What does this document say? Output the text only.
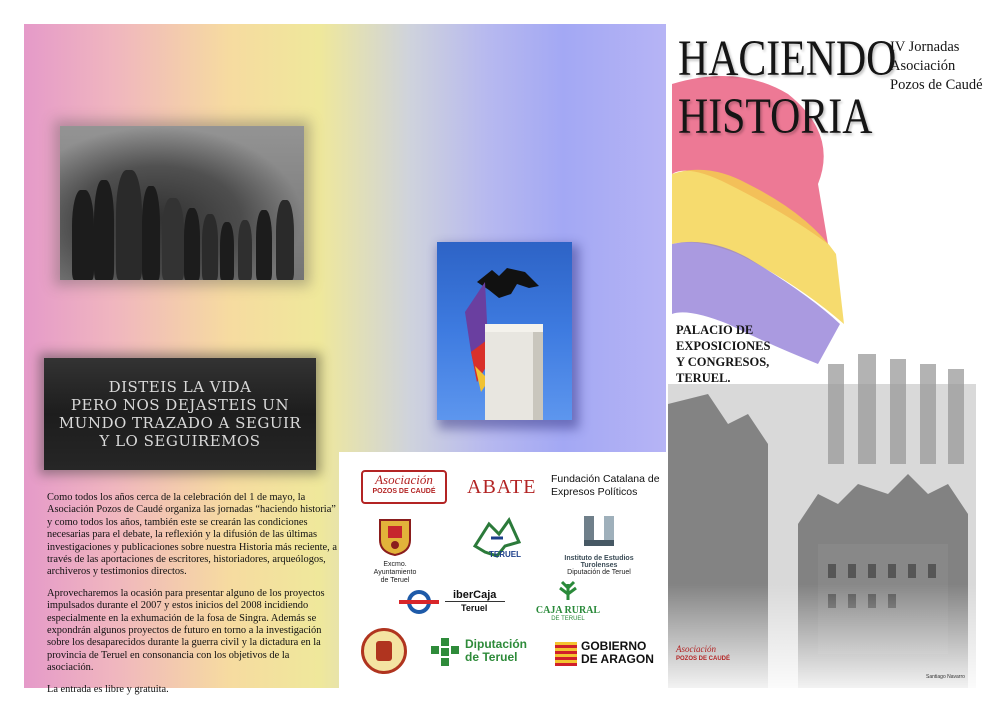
DISTEIS LA VIDA
PERO NOS DEJASTEIS UN
MUNDO TRAZADO A SEGUIR
Y LO SEGUIREMOS
Asociación
POZOS DE CAUDÉ	ABATE Fundación Catalana de
Expresos Políticos
Excmo. Ayuntamiento
de Teruel
TERUEL	Instituto de Estudios Turolenses
Diputación de Teruel
iberCaja
Teruel	CAJA RURAL
DE TERUEL
Diputación
de Teruel
GOBIERNO
DE ARAGON

Como todos los años cerca de la celebración del 1 de mayo, la Asociación Pozos de Caudé organiza las jornadas “haciendo historia” y como todos los años, también este se crearán las condiciones necesarias para el debate, la reflexión y la difusión de las últimas investigaciones y publicaciones sobre nuestra Historia más reciente, a través de las aportaciones de escritores, historiadores, arqueólogos, archiveros y testimonios directos.

Aprovecharemos la ocasión para presentar alguno de los proyectos impulsados durante el 2007 y estos inicios del 2008 incidiendo especialmente en la exhumación de la fosa de Singra. Además se expondrán algunos proyectos de futuro en torno a la investigación sobre los desaparecidos durante la guerra civil y la dictadura en la provincia de Teruel en consonancia con los objetivos de la asociación.

La entrada es libre y gratuita.

Asociación
POZOS DE CAUDÉ
Santiago Navarro
HACIENDO
HISTORIA
IV Jornadas
Asociación
Pozos de Caudé
PALACIO DE
EXPOSICIONES
Y CONGRESOS,
TERUEL.
